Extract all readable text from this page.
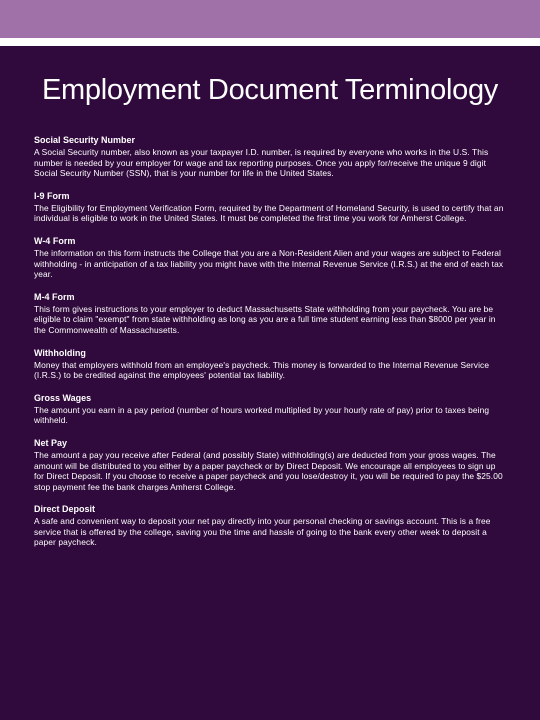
Employment Document Terminology
Social Security Number

A Social Security number, also known as your taxpayer I.D. number, is required by everyone who works in the U.S. This number is needed by your employer for wage and tax reporting purposes. Once you apply for/receive the unique 9 digit Social Security Number (SSN), that is your number for life in the United States.

I-9 Form

The Eligibility for Employment Verification Form, required by the Department of Homeland Security, is used to certify that an individual is eligible to work in the United States. It must be completed the first time you work for Amherst College.

W-4 Form

The information on this form instructs the College that you are a Non-Resident Alien and your wages are subject to Federal withholding - in anticipation of a tax liability you might have with the Internal Revenue Service (I.R.S.) at the end of each tax year.

M-4 Form

This form gives instructions to your employer to deduct Massachusetts State withholding from your paycheck. You are be eligible to claim "exempt" from state withholding as long as you are a full time student earning less than $8000 per year in the Commonwealth of Massachusetts.

Withholding

Money that employers withhold from an employee's paycheck. This money is forwarded to the Internal Revenue Service (I.R.S.) to be credited against the employees' potential tax liability.

Gross Wages

The amount you earn in a pay period (number of hours worked multiplied by your hourly rate of pay) prior to taxes being withheld.

Net Pay

The amount a pay you receive after Federal (and possibly State) withholding(s) are deducted from your gross wages. The amount will be distributed to you either by a paper paycheck or by Direct Deposit. We encourage all employees to sign up for Direct Deposit. If you choose to receive a paper paycheck and you lose/destroy it, you will be required to pay the $25.00 stop payment fee the bank charges Amherst College.

Direct Deposit

A safe and convenient way to deposit your net pay directly into your personal checking or savings account. This is a free service that is offered by the college, saving you the time and hassle of going to the bank every other week to deposit a paper paycheck.
